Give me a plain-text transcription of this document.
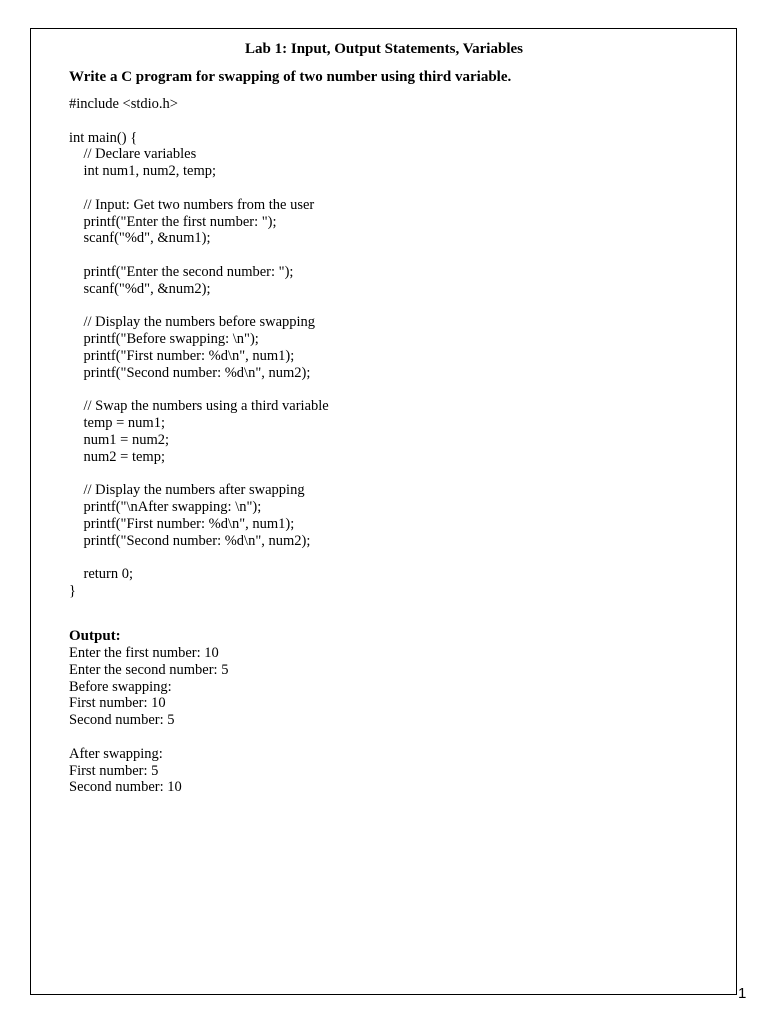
Lab 1: Input, Output Statements, Variables
Write a C program for swapping of two number using third variable.
#include <stdio.h>
int main() {
// Declare variables
int num1, num2, temp;
// Input: Get two numbers from the user
printf("Enter the first number: ");
scanf("%d", &num1);
printf("Enter the second number: ");
scanf("%d", &num2);
// Display the numbers before swapping
printf("Before swapping: \n");
printf("First number: %d\n", num1);
printf("Second number: %d\n", num2);
// Swap the numbers using a third variable
temp = num1;
num1 = num2;
num2 = temp;
// Display the numbers after swapping
printf("\nAfter swapping: \n");
printf("First number: %d\n", num1);
printf("Second number: %d\n", num2);
return 0;
}
Output:
Enter the first number: 10
Enter the second number: 5
Before swapping:
First number: 10
Second number: 5
After swapping:
First number: 5
Second number: 10
1
